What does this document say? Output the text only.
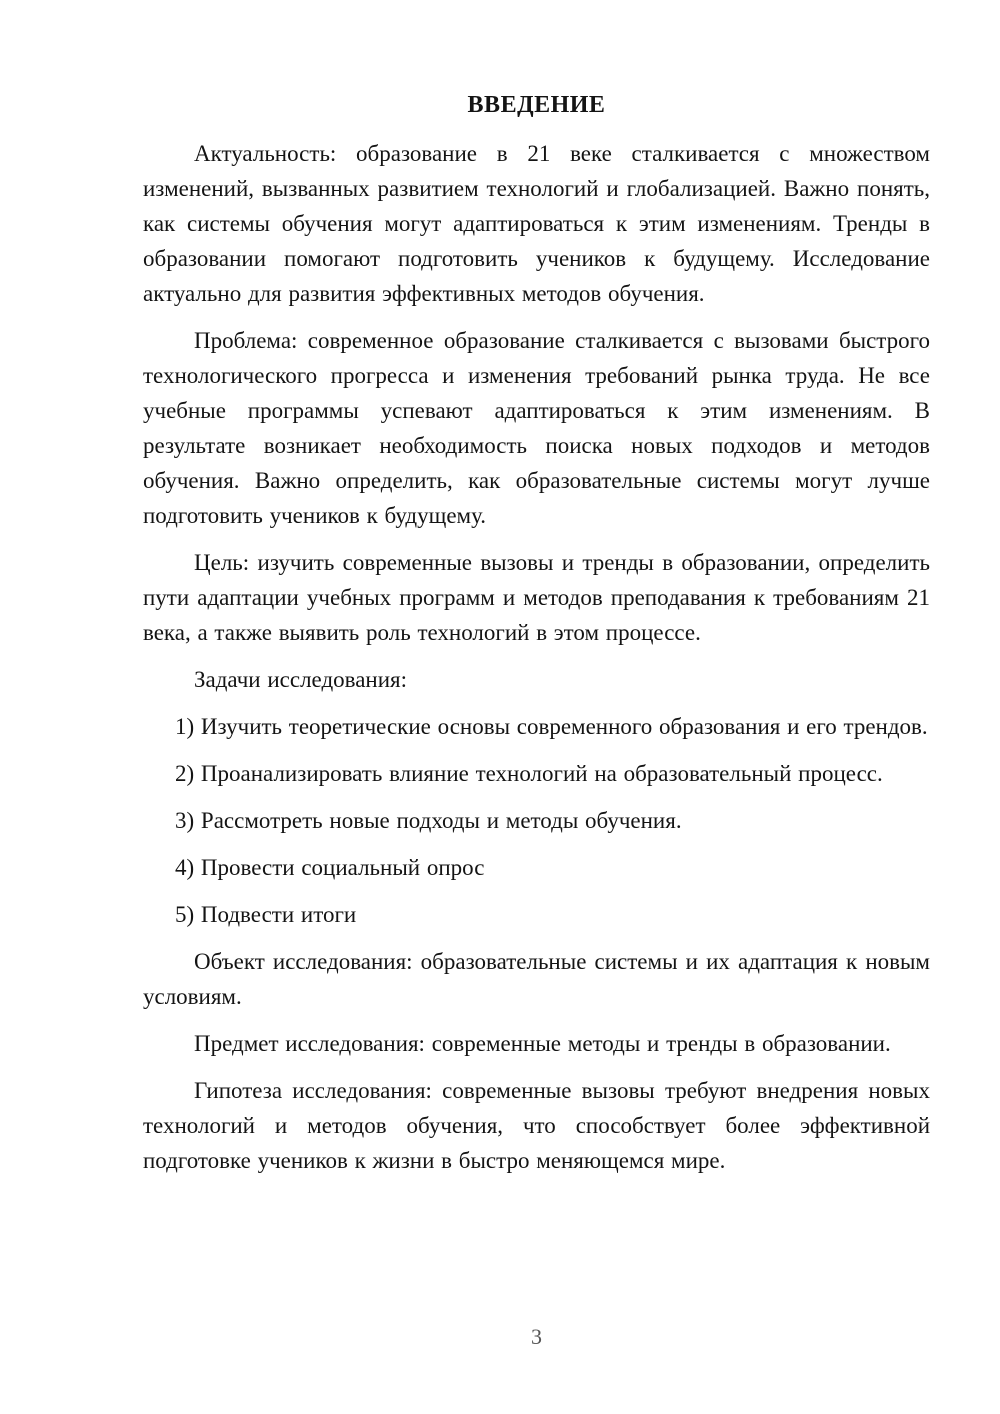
ВВЕДЕНИЕ

Актуальность: образование в 21 веке сталкивается с множеством изменений, вызванных развитием технологий и глобализацией. Важно понять, как системы обучения могут адаптироваться к этим изменениям. Тренды в образовании помогают подготовить учеников к будущему. Исследование актуально для развития эффективных методов обучения.

Проблема: современное образование сталкивается с вызовами быстрого технологического прогресса и изменения требований рынка труда. Не все учебные программы успевают адаптироваться к этим изменениям. В результате возникает необходимость поиска новых подходов и методов обучения. Важно определить, как образовательные системы могут лучше подготовить учеников к будущему.

Цель: изучить современные вызовы и тренды в образовании, определить пути адаптации учебных программ и методов преподавания к требованиям 21 века, а также выявить роль технологий в этом процессе.

Задачи исследования:

1) Изучить теоретические основы современного образования и его трендов.

2) Проанализировать влияние технологий на образовательный процесс.

3) Рассмотреть новые подходы и методы обучения.

4) Провести социальный опрос

5) Подвести итоги

Объект исследования: образовательные системы и их адаптация к новым условиям.

Предмет исследования: современные методы и тренды в образовании.

Гипотеза исследования: современные вызовы требуют внедрения новых технологий и методов обучения, что способствует более эффективной подготовке учеников к жизни в быстро меняющемся мире.

3
